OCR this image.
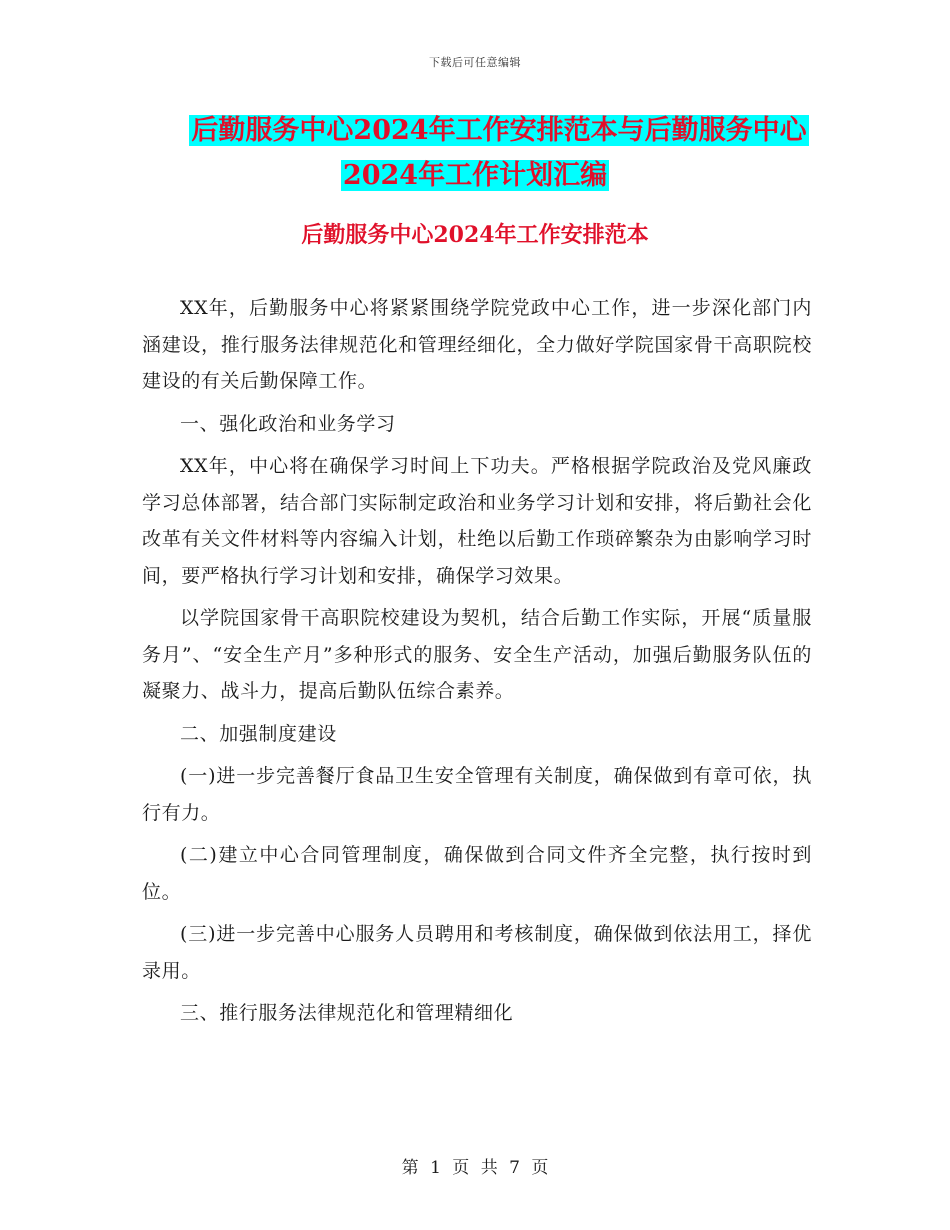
下载后可任意编辑
后勤服务中心2024年工作安排范本与后勤服务中心
2024年工作计划汇编
后勤服务中心2024年工作安排范本

XX年，后勤服务中心将紧紧围绕学院党政中心工作，进一步深化部门内涵建设，推行服务法律规范化和管理经细化，全力做好学院国家骨干高职院校建设的有关后勤保障工作。

一、强化政治和业务学习

XX年，中心将在确保学习时间上下功夫。严格根据学院政治及党风廉政学习总体部署，结合部门实际制定政治和业务学习计划和安排，将后勤社会化改革有关文件材料等内容编入计划，杜绝以后勤工作琐碎繁杂为由影响学习时间，要严格执行学习计划和安排，确保学习效果。

以学院国家骨干高职院校建设为契机，结合后勤工作实际，开展“质量服务月”、“安全生产月”多种形式的服务、安全生产活动，加强后勤服务队伍的凝聚力、战斗力，提高后勤队伍综合素养。

二、加强制度建设

(一)进一步完善餐厅食品卫生安全管理有关制度，确保做到有章可依，执行有力。

(二)建立中心合同管理制度，确保做到合同文件齐全完整，执行按时到位。

(三)进一步完善中心服务人员聘用和考核制度，确保做到依法用工，择优录用。

三、推行服务法律规范化和管理精细化

第 1 页 共 7 页
